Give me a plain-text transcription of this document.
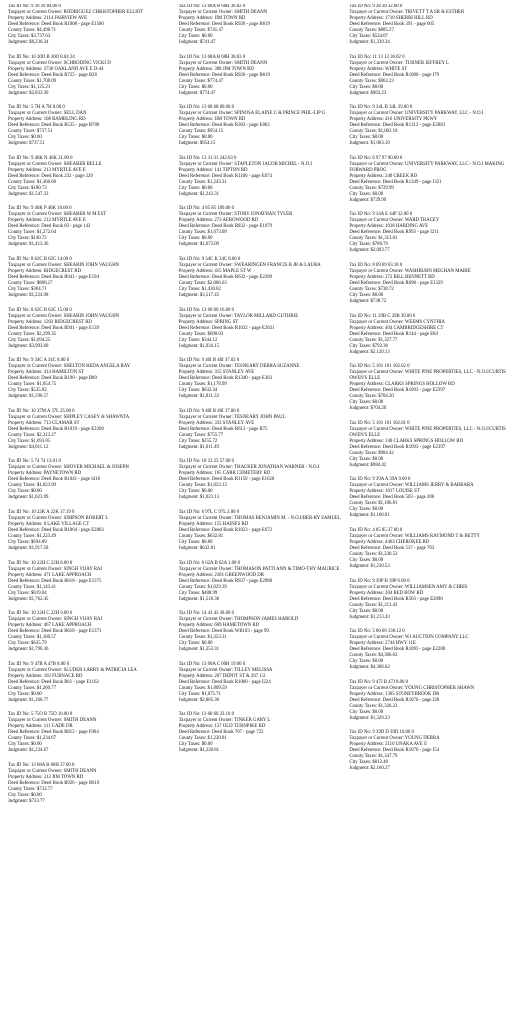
Tax ID No: 9 39 39 84.00 0
Taxpayer or Current Owner: RODRIGUEZ CHRISTOPHER ELLIOT
Property Address: 2114 FAIRVIEW AVE
Deed Reference: Deed Book R1008 - page E1580
County Taxes: $4,498.71
City Taxes: $3,737.63
Judgment: $8,236.34
Tax ID No: 10 30O B 30O 8.04 24
Taxpayer or Current Owner: SCHRODING VICKI D
Property Address: 2736 OAKLAND AVE E D-44
Deed Reference: Deed Book R725 - page B28
County Taxes: $1,708.09
City Taxes: $1,125.21
Judgment: $2,833.30
Tax ID No: 5 7H A 7H 8.00 0
Taxpayer or Current Owner: SELL DAN
Property Address: 108 RAMBLING RD
Deed Reference: Deed Book R535 - page B780
County Taxes: $737.51
City Taxes: $0.00
Judgment: $737.51
Tax ID No: 9 46K N 46K 31.00 0
Taxpayer or Current Owner: SHEARER BELLE
Property Address: 213 MYRTLE AVE E
Deed Reference: Deed Book 232 - page 220
County Taxes: $1,366.60
City Taxes: $180.73
Judgment: $1,547.33
Tax ID No: 9 46K P 46K 10.00 0
Taxpayer or Current Owner: SHEARER W M EST
Property Address: 212 MYRTLE AVE E
Deed Reference: Deed Book 83 - page 142
County Taxes: $1,272.64
City Taxes: $140.72
Judgment: $1,413.36
Tax ID No: 8 62C B 62C 14.00 0
Taxpayer or Current Owner: SHEARIN JOHN VAUGHN
Property Address: RIDGECREST RD
Deed Reference: Deed Book R941 - page E194
County Taxes: $860.27
City Taxes: $364.71
Judgment: $1,224.98
Tax ID No: 8 62C B 62C 15.00 0
Taxpayer or Current Owner: SHEARIN JOHN VAUGHN
Property Address: 1203 RIDGECREST RD
Deed Reference: Deed Book R941 - page E139
County Taxes: $2,299.35
City Taxes: $1,694.25
Judgment: $3,993.60
Tax ID No: 9 34C A 34C 8.00 0
Taxpayer or Current Owner: SHELTON REDA ANGELA RAY
Property Address: 414 HAMILTON ST
Deed Reference: Deed Book R190 - page B89
County Taxes: $1,054.75
City Taxes: $535.82
Judgment: $1,590.57
Tax ID No: 10 37M A 37L 25.00 0
Taxpayer or Current Owner: SHIPLEY CASEY & SHAWNTA
Property Address: 713 CLAMAR ST
Deed Reference: Deed Book R1019 - page E2269
County Taxes: $2,313.27
City Taxes: $1,693.85
Judgment: $4,011.12
Tax ID No: 5 74 74 13.01 0
Taxpayer or Current Owner: SHOVER MICHAEL & JOSEPH
Property Address: PAYNETOWN RD
Deed Reference: Deed Book R1041 - page I418
County Taxes: $1,023.99
City Taxes: $0.00
Judgment: $1,023.99
Tax ID No: 10 22K A 22K 17.19 0
Taxpayer or Current Owner: SIMPSON ROBERT L
Property Address: 8 LAKE VILLAGE CT
Deed Reference: Deed Book R1064 - page E2863
County Taxes: $1,223.49
City Taxes: $694.09
Judgment: $1,917.58
Tax ID No: 10 22H C 22H 8.00 0
Taxpayer or Current Owner: SINGH VIJAY RAJ
Property Address: 471 LAKE APPROACH
Deed Reference: Deed Book R618 - page E1375
County Taxes: $1,143.41
City Taxes: $619.04
Judgment: $1,762.45
Tax ID No: 10 22H C 22H 9.00 0
Taxpayer or Current Owner: SINGH VIJAY RAJ
Property Address: 467 LAKE APPROACH
Deed Reference: Deed Book R618 - page E1371
County Taxes: $1,160.57
City Taxes: $635.79
Judgment: $1,796.36
Tax ID No: 9 47B A 47B 8.00 0
Taxpayer or Current Owner: SLUDER LARRY & PATRICIA LEA
Property Address: 102 FURNACE RD
Deed Reference: Deed Book R61 - page E1162
County Taxes: $1,260.77
City Taxes: $0.00
Judgment: $1,260.77
Tax ID No: 5 75O B 75O 10.00 0
Taxpayer or Current Owner: SMITH DEANN
Property Address: 111 CADE DR
Deed Reference: Deed Book R812 - page F004
County Taxes: $1,234.67
City Taxes: $0.00
Judgment: $1,234.67
Tax ID No: 13 68A B 68H 37.00 0
Taxpayer or Current Owner: SMITH DEANN
Property Address: 312 JIM TOWN RD
Deed Reference: Deed Book R926 - page B619
County Taxes: $733.77
City Taxes: $0.00
Judgment: $733.77
Tax ID No: 13 68A B 68H 36.02 0
Taxpayer or Current Owner: SMITH DEANN
Property Address: JIM TOWN RD
Deed Reference: Deed Book R926 - page B619
County Taxes: $741.47
City Taxes: $0.00
Judgment: $741.47
Tax ID No: 13 68A B 68H 38.03 0
Taxpayer or Current Owner: SMITH DEANN
Property Address: 308 JIM TOWN RD
Deed Reference: Deed Book R926 - page B619
County Taxes: $774.47
City Taxes: $0.00
Judgment: $774.47
Tax ID No: 13 68 68 80.00 0
Taxpayer or Current Owner: SPINOSA ELAINE C & PRINCE PHIL-LIP G
Property Address: JIM TOWN RD
Deed Reference: Deed Book R303 - page E863
County Taxes: $954.15
City Taxes: $0.00
Judgment: $954.15
Tax ID No: 13 31 31 242.03 0
Taxpayer or Current Owner: STAPLETON JACOB MICHEL - N.O.I
Property Address: 141 TIPTON RD
Deed Reference: Deed Book R1100 - page E874
County Taxes: $1,243.31
City Taxes: $0.00
Judgment: $1,243.31
Tax ID No: 4 85 85 189.06 0
Taxpayer or Current Owner: STORY JONATHAN TYLER
Property Address: 273 AEROWOOD RD
Deed Reference: Deed Book R832 - page E1079
County Taxes: $1,673.09
City Taxes: $0.00
Judgment: $1,673.09
Tax ID No: 9 34C K 34C 8.00 0
Taxpayer or Current Owner: SWEARINGEN FRANCIS B JR & LAURA
Property Address: 415 MAPLE ST W
Deed Reference: Deed Book R632 - page E2289
County Taxes: $2,086.63
City Taxes: $1,430.82
Judgment: $3,517.45
Tax ID No: 13 60 60 16.00 0
Taxpayer or Current Owner: TAYLOR MILLARD GUTHRIE
Property Address: SPRING ST
Deed Reference: Deed Book R1032 - page E2631
County Taxes: $690.03
City Taxes: $344.12
Judgment: $1,034.15
Tax ID No: 9 46I B 46I 37.02 0
Taxpayer or Current Owner: TESNEARY DEBRA SUZANNE
Property Address: 315 STANLEY AVE
Deed Reference: Deed Book R1340 - page E363
County Taxes: $1,178.99
City Taxes: $632.34
Judgment: $1,811.33
Tax ID No: 9 46I B 46I 37.00 0
Taxpayer or Current Owner: TESNEARY JOHN PAUL
Property Address: 333 STANLEY AVE
Deed Reference: Deed Book R613 - page B75
County Taxes: $755.77
City Taxes: $255.72
Judgment: $1,011.49
Tax ID No: 10 23 23 57.00 0
Taxpayer or Current Owner: THACKER JONATHAN WARNER - N.O.I
Property Address: 165 CARR CEMETERY RD
Deed Reference: Deed Book R1159 - page E1628
County Taxes: $1,023.13
City Taxes: $0.00
Judgment: $1,023.13
Tax ID No: 6 97L C 97L 2.00 0
Taxpayer or Current Owner: THOMAS BENJAMIN M. - N.O.I/BER-RY SAMUEL
Property Address: 155 HAINES RD
Deed Reference: Deed Book R1023 - page E672
County Taxes: $632.81
City Taxes: $0.00
Judgment: $632.81
Tax ID No: 8 62A B 62A 1.00 0
Taxpayer or Current Owner: THOMASON PATTI ANN & TIMO-THY MAURICE
Property Address: 2301 GREENWOOD DR
Deed Reference: Deed Book R937 - page E2988
County Taxes: $1,029.39
City Taxes: $488.99
Judgment: $1,518.38
Tax ID No: 14 43 43 38.08 0
Taxpayer or Current Owner: THOMPSON JAMES HAROLD
Property Address: 669 HAMETOWN RD
Deed Reference: Deed Book WB103 - page 99
County Taxes: $1,353.31
City Taxes: $0.00
Judgment: $1,353.31
Tax ID No: 13 60A C 60H 19.00 0
Taxpayer or Current Owner: TILLEY MELISSA
Property Address: 207 DEPOT ST & 207 1/2
Deed Reference: Deed Book R1060 - page I224
County Taxes: $1,809.59
City Taxes: $1,075.71
Judgment: $2,885.30
Tax ID No: 13 60 60 33.10 0
Taxpayer or Current Owner: TINKER GARY L
Property Address: 137 OLD TURNPIKE RD
Deed Reference: Deed Book 707 - page 722
County Taxes: $1,220.81
City Taxes: $0.00
Judgment: $1,220.81
Tax ID No: 9 38 38 32.00 0
Taxpayer or Current Owner: TRIVETT T A SR & ESTHER
Property Address: 1710 SHERRI HILL RD
Deed Reference: Deed Book 391 - page 605
County Taxes: $805.27
City Taxes: $534.07
Judgment: $1,339.34
Tax ID No: 11 13 13 36.02 0
Taxpayer or Current Owner: TURNER JEFFREY L
Property Address: WHITE ST
Deed Reference: Deed Book R1080 - page I79
County Taxes: $963.23
City Taxes: $0.00
Judgment: $963.23
Tax ID No: 9 34L B 34L 39.00 0
Taxpayer or Current Owner: UNIVERSITY PARKWAY, LLC - N.O.I
Property Address: 416 UNIVERSITY PKWY
Deed Reference: Deed Book R1312 - page E2883
County Taxes: $1,063.10
City Taxes: $0.00
Judgment: $1,063.10
Tax ID No: 6 97 97 80.00 0
Taxpayer or Current Owner: UNIVERSITY PARKWAY, LLC - N.O.I MAKING FORWARD PROG
Property Address: 240 CREEK RD
Deed Reference: Deed Book R1349 - page I321
County Taxes: $729.99
City Taxes: $0.00
Judgment: $729.99
Tax ID No: 9 34A E 44P 32.00 0
Taxpayer or Current Owner: WARD TRACEY
Property Address: 1018 HARDING AVE
Deed Reference: Deed Book R993 - page I211
County Taxes: $1,313.01
City Taxes: $780.76
Judgment: $2,093.77
Tax ID No: 8 69 69 63.18 0
Taxpayer or Current Owner: WASHBURN MEGHAN MARIE
Property Address: 372 BILL BENNETT RD
Deed Reference: Deed Book R698 - page E1329
County Taxes: $738.72
City Taxes: $0.00
Judgment: $738.72
Tax ID No: 11 29B C 29B 30.00 0
Taxpayer or Current Owner: WEEMS CYNTHIA
Property Address: 404 CAMBRIDGESHIRE CT
Deed Reference: Deed Book R144 - page E84
County Taxes: $1,327.77
City Taxes: $792.36
Judgment: $2,120.13
Tax ID No: 5 101 101 102.02 0
Taxpayer or Current Owner: WHITE PINE PROPERTIES, LLC - N.O.I/CURTIS OWEN'S ELLE
Property Address: CLARKS SPRINGS HOLLOW RD
Deed Reference: Deed Book R1093 - page E2397
County Taxes: $704.20
City Taxes: $0.00
Judgment: $704.20
Tax ID No: 5 101 101 102.01 0
Taxpayer or Current Owner: WHITE PINE PROPERTIES, LLC - N.O.I/CURTIS OWEN'S ELLE
Property Address: 140 CLARKS SPRINGS HOLLOW RD
Deed Reference: Deed Book R1093 - page E2397
County Taxes: $984.42
City Taxes: $0.00
Judgment: $984.42
Tax ID No: 9 39A A 39A 9.00 0
Taxpayer or Current Owner: WILLIAMS JERRY & BARBARA
Property Address: 1017 LOUISE ST
Deed Reference: Deed Book 503 - page 206
County Taxes: $1,106.81
City Taxes: $0.00
Judgment: $1,106.81
Tax ID No: 4 85 85 37.00 0
Taxpayer or Current Owner: WILLIAMS RAYMOND T & BETTY
Property Address: 4463 CHEROKEE RD
Deed Reference: Deed Book 537 - page 703
County Taxes: $1,230.53
City Taxes: $0.00
Judgment: $1,230.53
Tax ID No: 9 39P H 39P 6.00 0
Taxpayer or Current Owner: WILLIAMSEN AMY & CHRIS
Property Address: 204 RED ROW RD
Deed Reference: Deed Book R503 - page E2090
County Taxes: $1,213.43
City Taxes: $0.00
Judgment: $1,213.43
Tax ID No: 5 66 66 130.12 0
Taxpayer or Current Owner: WJ AUCTION COMPANY LLC
Property Address: 2744 HWY 11E
Deed Reference: Deed Book R1093 - page E2280
County Taxes: $4,306.62
City Taxes: $0.00
Judgment: $4,306.62
Tax ID No: 9 47J B 47J 8.00 0
Taxpayer or Current Owner: YOUNG CHRISTOPHER SHAWN
Property Address: 1305 STONEYBROOK DR
Deed Reference: Deed Book R1076 - page I38
County Taxes: $1,326.23
City Taxes: $0.00
Judgment: $1,326.23
Tax ID No: 9 39D D 39D 16.00 0
Taxpayer or Current Owner: YOUNG DEBRA
Property Address: 2110 UNAKA AVE E
Deed Reference: Deed Book R1076 - page I54
County Taxes: $1,347.79
City Taxes: $812.48
Judgment: $2,160.27
